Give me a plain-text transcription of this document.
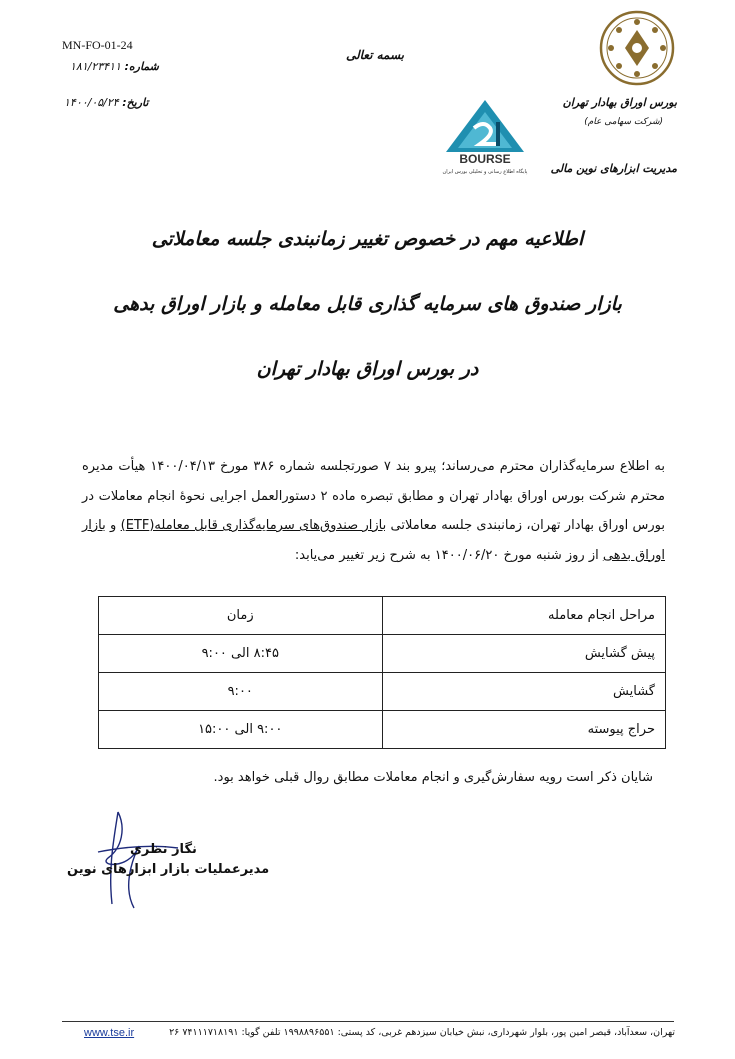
MN-FO-01-24
شماره: ۱۸۱/۲۳۴۱۱
تاریخ: ۱۴۰۰/۰۵/۲۴
بسمه تعالی
بورس اوراق بهادار تهران
(شرکت سهامی عام)
مدیریت ابزارهای نوین مالی
BOURSE
پایگاه اطلاع رسانی و تحلیلی بورس ایران
اطلاعیه مهم در خصوص تغییر زمانبندی جلسه معاملاتی
بازار صندوق های سرمایه گذاری قابل معامله و بازار اوراق بدهی
در بورس اوراق بهادار تهران
به اطلاع سرمایه‌گذاران محترم می‌رساند؛ پیرو بند ۷ صورتجلسه شماره ۳۸۶ مورخ ۱۴۰۰/۰۴/۱۳ هیأت مدیره محترم شرکت بورس اوراق بهادار تهران و مطابق تبصره ماده ۲ دستورالعمل اجرایی نحوهٔ انجام معاملات در بورس اوراق بهادار تهران، زمانبندی جلسه معاملاتی بازار صندوق‌های سرمایه‌گذاری قابل معامله(ETF) و بازار اوراق بدهی از روز شنبه مورخ ۱۴۰۰/۰۶/۲۰ به شرح زیر تغییر می‌یابد:
زمان	مراحل انجام معامله
۸:۴۵ الی ۹:۰۰	پیش گشایش
۹:۰۰	گشایش
۹:۰۰ الی ۱۵:۰۰	حراج پیوسته
شایان ذکر است رویه سفارش‌گیری و انجام معاملات مطابق روال قبلی خواهد بود.
نگار نظری
مدیرعملیات بازار ابزارهای نوین
www.tse.ir	تهران، سعدآباد، قیصر امین پور، بلوار شهرداری، نبش خیابان سیزدهم غربی، کد پستی: ۱۹۹۸۸۹۶۵۵۱ تلفن گویا: ۷۴۱۱۱۷۱۸۱۹۱ ۲۶
